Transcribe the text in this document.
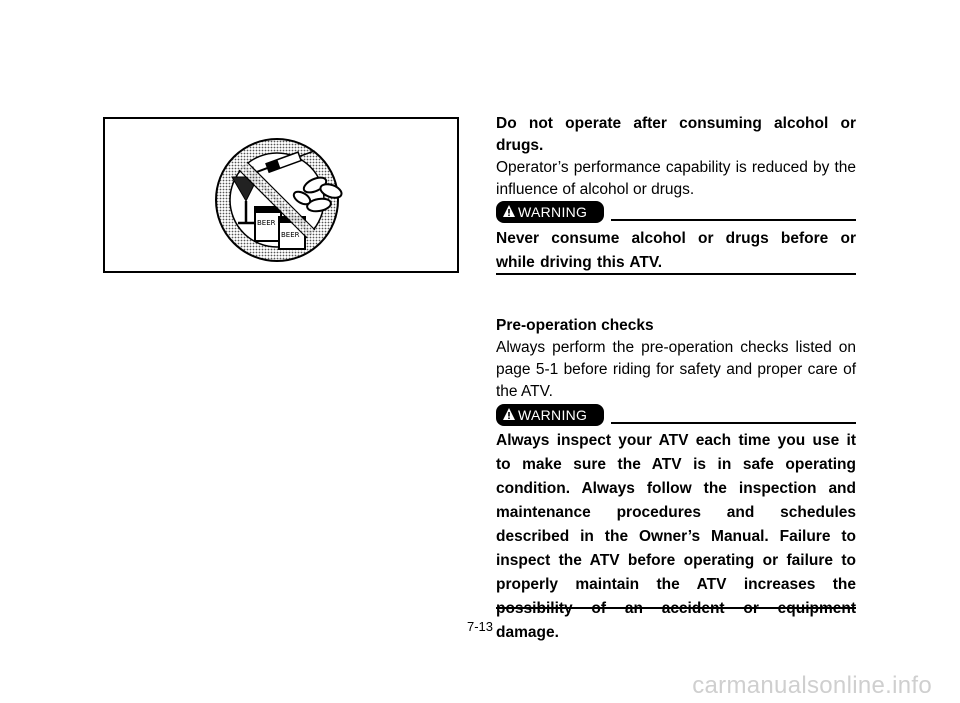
BEER
BEER
Do not operate after consuming alcohol or drugs.
Operator’s performance capability is reduced by the influence of alcohol or drugs.
WARNING
Never consume alcohol or drugs before or while driving this ATV.
Pre-operation checks
Always perform the pre-operation checks listed on page 5-1 before riding for safety and proper care of the ATV.
WARNING
Always inspect your ATV each time you use it to make sure the ATV is in safe operating condition. Always follow the inspection and maintenance procedures and schedules described in the Owner’s Manual. Failure to inspect the ATV before operating or failure to properly maintain the ATV increases the possibility of an accident or equipment damage.
7-13
carmanualsonline.info
